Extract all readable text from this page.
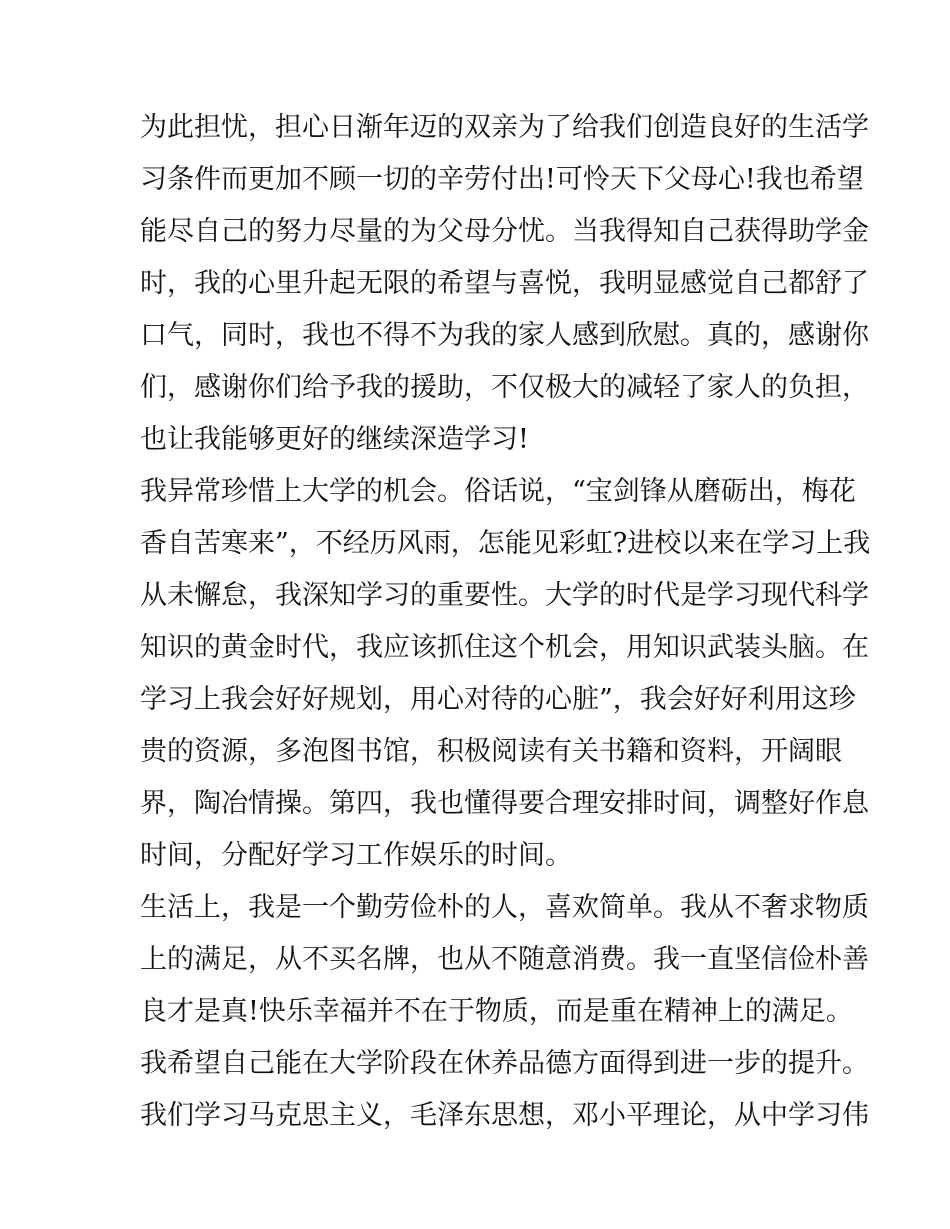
为此担忧，担心日渐年迈的双亲为了给我们创造良好的生活学
习条件而更加不顾一切的辛劳付出!可怜天下父母心!我也希望
能尽自己的努力尽量的为父母分忧。当我得知自己获得助学金
时，我的心里升起无限的希望与喜悦，我明显感觉自己都舒了
口气，同时，我也不得不为我的家人感到欣慰。真的，感谢你
们，感谢你们给予我的援助，不仅极大的减轻了家人的负担，
也让我能够更好的继续深造学习!
我异常珍惜上大学的机会。俗话说，“宝剑锋从磨砺出，梅花
香自苦寒来”，不经历风雨，怎能见彩虹?进校以来在学习上我
从未懈怠，我深知学习的重要性。大学的时代是学习现代科学
知识的黄金时代，我应该抓住这个机会，用知识武装头脑。在
学习上我会好好规划，用心对待的心脏”，我会好好利用这珍
贵的资源，多泡图书馆，积极阅读有关书籍和资料，开阔眼
界，陶冶情操。第四，我也懂得要合理安排时间，调整好作息
时间，分配好学习工作娱乐的时间。
生活上，我是一个勤劳俭朴的人，喜欢简单。我从不奢求物质
上的满足，从不买名牌，也从不随意消费。我一直坚信俭朴善
良才是真!快乐幸福并不在于物质，而是重在精神上的满足。
我希望自己能在大学阶段在休养品德方面得到进一步的提升。
我们学习马克思主义，毛泽东思想，邓小平理论，从中学习伟
